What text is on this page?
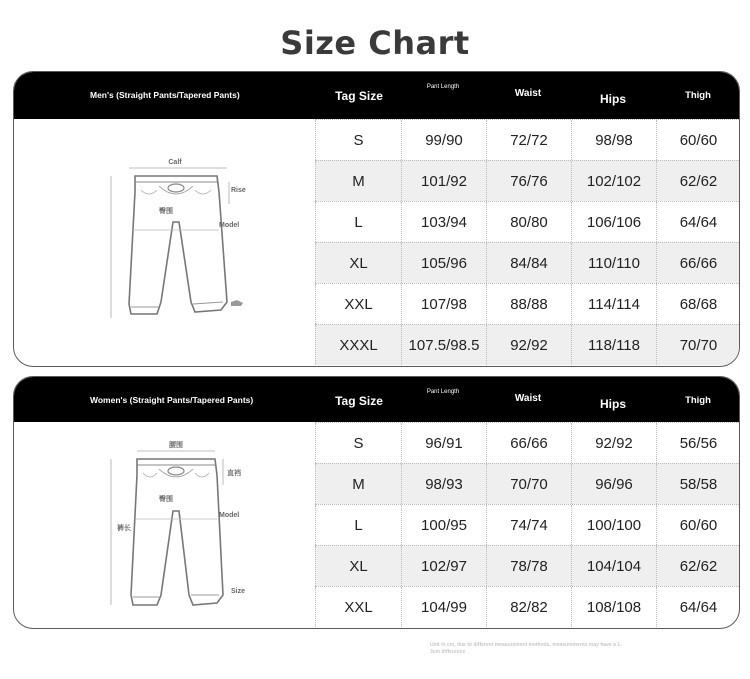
Size Chart
Men's (Straight Pants/Tapered Pants)	Tag Size
Pant Length
Waist	Hips	Thigh
Calf
Rise
Model
臀围
S	99/90	72/72	98/98	60/60
M	101/92	76/76	102/102	62/62
L	103/94	80/80	106/106	64/64
XL	105/96	84/84	110/110	66/66
XXL	107/98	88/88	114/114	68/68
XXXL	107.5/98.5	92/92	118/118	70/70
Women's (Straight Pants/Tapered Pants)	Tag Size
Pant Length
Waist	Hips	Thigh
腰围
直裆
Model
臀围
裤长
Size
S	96/91	66/66	92/92	56/56
M	98/93	70/70	96/96	58/58
L	100/95	74/74	100/100	60/60
XL	102/97	78/78	104/104	62/62
XXL	104/99	82/82	108/108	64/64
Unit in cm, due to different measurement methods, measurements may have a 1-3cm difference
